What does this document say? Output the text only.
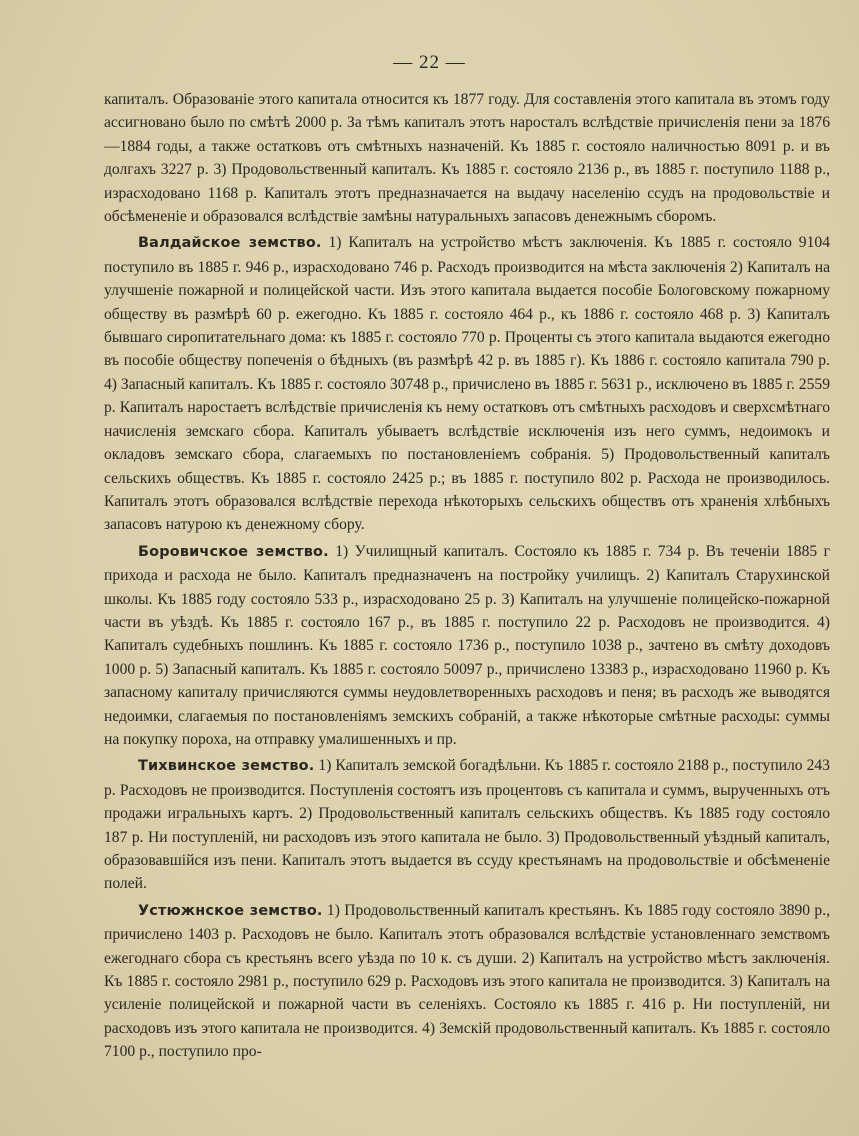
— 22 —

капиталъ. Образованіе этого капитала относится къ 1877 году. Для составленія этого капитала въ этомъ году ассигновано было по смѣтѣ 2000 р. За тѣмъ капиталъ этотъ наросталъ вслѣдствіе причисленія пени за 1876—1884 годы, а также остатковъ отъ смѣтныхъ назначеній. Къ 1885 г. состояло наличностью 8091 р. и въ долгахъ 3227 р. 3) Продовольственный капиталъ. Къ 1885 г. состояло 2136 р., въ 1885 г. поступило 1188 р., израсходовано 1168 р. Капиталъ этотъ предназначается на выдачу населенію ссудъ на продовольствіе и обсѣмененіе и образовался вслѣдствіе замѣны натуральныхъ запасовъ денежнымъ сборомъ.

Валдайское земство. 1) Капиталъ на устройство мѣстъ заключенія. Къ 1885 г. состояло 9104 поступило въ 1885 г. 946 р., израсходовано 746 р. Расходъ производится на мѣста заключенія 2) Капиталъ на улучшеніе пожарной и полицейской части. Изъ этого капитала выдается пособіе Бологовскому пожарному обществу въ размѣрѣ 60 р. ежегодно. Къ 1885 г. состояло 464 р., къ 1886 г. состояло 468 р. 3) Капиталъ бывшаго сиропитательнаго дома: къ 1885 г. состояло 770 р. Проценты съ этого капитала выдаются ежегодно въ пособіе обществу попеченія о бѣдныхъ (въ размѣрѣ 42 р. въ 1885 г). Къ 1886 г. состояло капитала 790 р. 4) Запасный капиталъ. Къ 1885 г. состояло 30748 р., причислено въ 1885 г. 5631 р., исключено въ 1885 г. 2559 р. Капиталъ наростаетъ вслѣдствіе причисленія къ нему остатковъ отъ смѣтныхъ расходовъ и сверхсмѣтнаго начисленія земскаго сбора. Капиталъ убываетъ вслѣдствіе исключенія изъ него суммъ, недоимокъ и окладовъ земскаго сбора, слагаемыхъ по постановленіемъ собранія. 5) Продовольственный капиталъ сельскихъ обществъ. Къ 1885 г. состояло 2425 р.; въ 1885 г. поступило 802 р. Расхода не производилось. Капиталъ этотъ образовался вслѣдствіе перехода нѣкоторыхъ сельскихъ обществъ отъ храненія хлѣбныхъ запасовъ натурою къ денежному сбору.

Боровичское земство. 1) Училищный капиталъ. Состояло къ 1885 г. 734 р. Въ теченіи 1885 г прихода и расхода не было. Капиталъ предназначенъ на постройку училищъ. 2) Капиталъ Старухинской школы. Къ 1885 году состояло 533 р., израсходовано 25 р. 3) Капиталъ на улучшеніе полицейско-пожарной части въ уѣздѣ. Къ 1885 г. состояло 167 р., въ 1885 г. поступило 22 р. Расходовъ не производится. 4) Капиталъ судебныхъ пошлинъ. Къ 1885 г. состояло 1736 р., поступило 1038 р., зачтено въ смѣту доходовъ 1000 р. 5) Запасный капиталъ. Къ 1885 г. состояло 50097 р., причислено 13383 р., израсходовано 11960 р. Къ запасному капиталу причисляются суммы неудовлетворенныхъ расходовъ и пеня; въ расходъ же выводятся недоимки, слагаемыя по постановленіямъ земскихъ собраній, а также нѣкоторые смѣтные расходы: суммы на покупку пороха, на отправку умалишенныхъ и пр.

Тихвинское земство. 1) Капиталъ земской богадѣльни. Къ 1885 г. состояло 2188 р., поступило 243 р. Расходовъ не производится. Поступленія состоятъ изъ процентовъ съ капитала и суммъ, вырученныхъ отъ продажи игральныхъ картъ. 2) Продовольственный капиталъ сельскихъ обществъ. Къ 1885 году состояло 187 р. Ни поступленій, ни расходовъ изъ этого капитала не было. 3) Продовольственный уѣздный капиталъ, образовавшійся изъ пени. Капиталъ этотъ выдается въ ссуду крестьянамъ на продовольствіе и обсѣмененіе полей.

Устюжнское земство. 1) Продовольственный капиталъ крестьянъ. Къ 1885 году состояло 3890 р., причислено 1403 р. Расходовъ не было. Капиталъ этотъ образовался вслѣдствіе установленнаго земствомъ ежегоднаго сбора съ крестьянъ всего уѣзда по 10 к. съ души. 2) Капиталъ на устройство мѣстъ заключенія. Къ 1885 г. состояло 2981 р., поступило 629 р. Расходовъ изъ этого капитала не производится. 3) Капиталъ на усиленіе полицейской и пожарной части въ селеніяхъ. Состояло къ 1885 г. 416 р. Ни поступленій, ни расходовъ изъ этого капитала не производится. 4) Земскій продовольственный капиталъ. Къ 1885 г. состояло 7100 р., поступило про-
